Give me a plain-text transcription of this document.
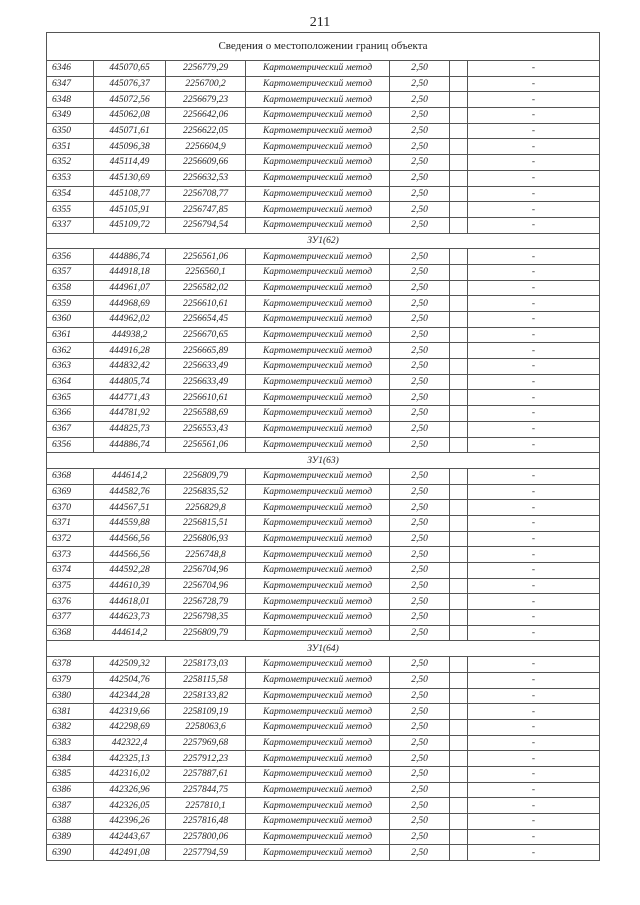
211
Сведения о местоположении границ объекта						
6346	445070,65	2256779,29	Картометрический метод	2,50		-
6347	445076,37	2256700,2	Картометрический метод	2,50		-
6348	445072,56	2256679,23	Картометрический метод	2,50		-
6349	445062,08	2256642,06	Картометрический метод	2,50		-
6350	445071,61	2256622,05	Картометрический метод	2,50		-
6351	445096,38	2256604,9	Картометрический метод	2,50		-
6352	445114,49	2256609,66	Картометрический метод	2,50		-
6353	445130,69	2256632,53	Картометрический метод	2,50		-
6354	445108,77	2256708,77	Картометрический метод	2,50		-
6355	445105,91	2256747,85	Картометрический метод	2,50		-
6337	445109,72	2256794,54	Картометрический метод	2,50		-
ЗУ1(62)						
6356	444886,74	2256561,06	Картометрический метод	2,50		-
6357	444918,18	2256560,1	Картометрический метод	2,50		-
6358	444961,07	2256582,02	Картометрический метод	2,50		-
6359	444968,69	2256610,61	Картометрический метод	2,50		-
6360	444962,02	2256654,45	Картометрический метод	2,50		-
6361	444938,2	2256670,65	Картометрический метод	2,50		-
6362	444916,28	2256665,89	Картометрический метод	2,50		-
6363	444832,42	2256633,49	Картометрический метод	2,50		-
6364	444805,74	2256633,49	Картометрический метод	2,50		-
6365	444771,43	2256610,61	Картометрический метод	2,50		-
6366	444781,92	2256588,69	Картометрический метод	2,50		-
6367	444825,73	2256553,43	Картометрический метод	2,50		-
6356	444886,74	2256561,06	Картометрический метод	2,50		-
ЗУ1(63)						
6368	444614,2	2256809,79	Картометрический метод	2,50		-
6369	444582,76	2256835,52	Картометрический метод	2,50		-
6370	444567,51	2256829,8	Картометрический метод	2,50		-
6371	444559,88	2256815,51	Картометрический метод	2,50		-
6372	444566,56	2256806,93	Картометрический метод	2,50		-
6373	444566,56	2256748,8	Картометрический метод	2,50		-
6374	444592,28	2256704,96	Картометрический метод	2,50		-
6375	444610,39	2256704,96	Картометрический метод	2,50		-
6376	444618,01	2256728,79	Картометрический метод	2,50		-
6377	444623,73	2256798,35	Картометрический метод	2,50		-
6368	444614,2	2256809,79	Картометрический метод	2,50		-
ЗУ1(64)						
6378	442509,32	2258173,03	Картометрический метод	2,50		-
6379	442504,76	2258115,58	Картометрический метод	2,50		-
6380	442344,28	2258133,82	Картометрический метод	2,50		-
6381	442319,66	2258109,19	Картометрический метод	2,50		-
6382	442298,69	2258063,6	Картометрический метод	2,50		-
6383	442322,4	2257969,68	Картометрический метод	2,50		-
6384	442325,13	2257912,23	Картометрический метод	2,50		-
6385	442316,02	2257887,61	Картометрический метод	2,50		-
6386	442326,96	2257844,75	Картометрический метод	2,50		-
6387	442326,05	2257810,1	Картометрический метод	2,50		-
6388	442396,26	2257816,48	Картометрический метод	2,50		-
6389	442443,67	2257800,06	Картометрический метод	2,50		-
6390	442491,08	2257794,59	Картометрический метод	2,50		-
